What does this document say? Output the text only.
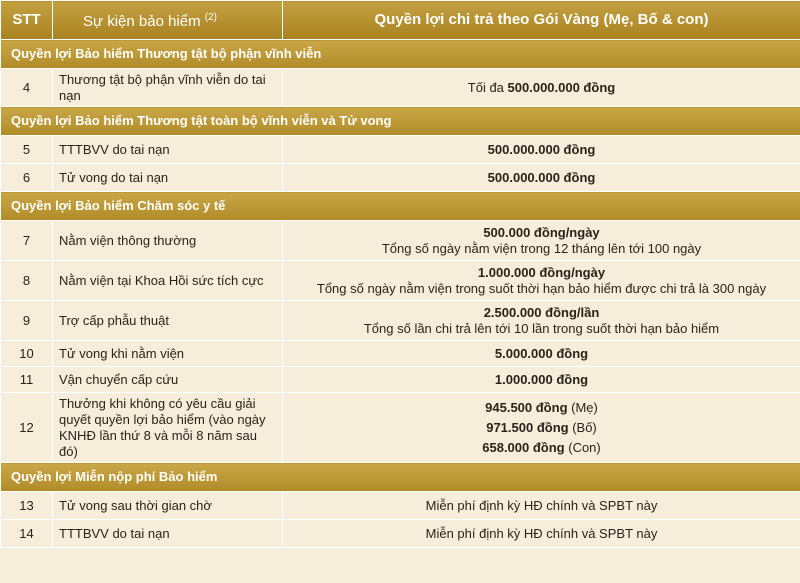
STT	Sự kiện bảo hiểm $^{(2)}$	Quyền lợi chi trả theo Gói Vàng (Mẹ, Bố & con)
Quyền lợi Bảo hiểm Thương tật bộ phận vĩnh viễn		
4	Thương tật bộ phận vĩnh viễn do tai nạn	Tối đa 500.000.000 đồng
Quyền lợi Bảo hiểm Thương tật toàn bộ vĩnh viễn và Tử vong		
5	TTTBVV do tai nạn	500.000.000 đồng
6	Tử vong do tai nạn	500.000.000 đồng
Quyền lợi Bảo hiểm Chăm sóc y tế		
7	Nằm viện thông thường	500.000 đồng/ngày
Tổng số ngày nằm viện trong 12 tháng lên tới 100 ngày

8	Nằm viện tại Khoa Hồi sức tích cực	1.000.000 đồng/ngày
Tổng số ngày nằm viện trong suốt thời hạn bảo hiểm được chi trả là 300 ngày

9	Trợ cấp phẫu thuật	2.500.000 đồng/lần
Tổng số lần chi trả lên tới 10 lần trong suốt thời hạn bảo hiểm

10	Tử vong khi nằm viện	5.000.000 đồng
11	Vận chuyển cấp cứu	1.000.000 đồng
12	Thưởng khi không có yêu cầu giải quyết quyền lợi bảo hiểm (vào ngày KNHĐ lần thứ 8 và mỗi 8 năm sau đó)	945.500 đồng (Mẹ)
971.500 đồng (Bố)
658.000 đồng (Con)

Quyền lợi Miễn nộp phí Bảo hiểm		
13	Tử vong sau thời gian chờ	Miễn phí định kỳ HĐ chính và SPBT này
14	TTTBVV do tai nạn	Miễn phí định kỳ HĐ chính và SPBT này
